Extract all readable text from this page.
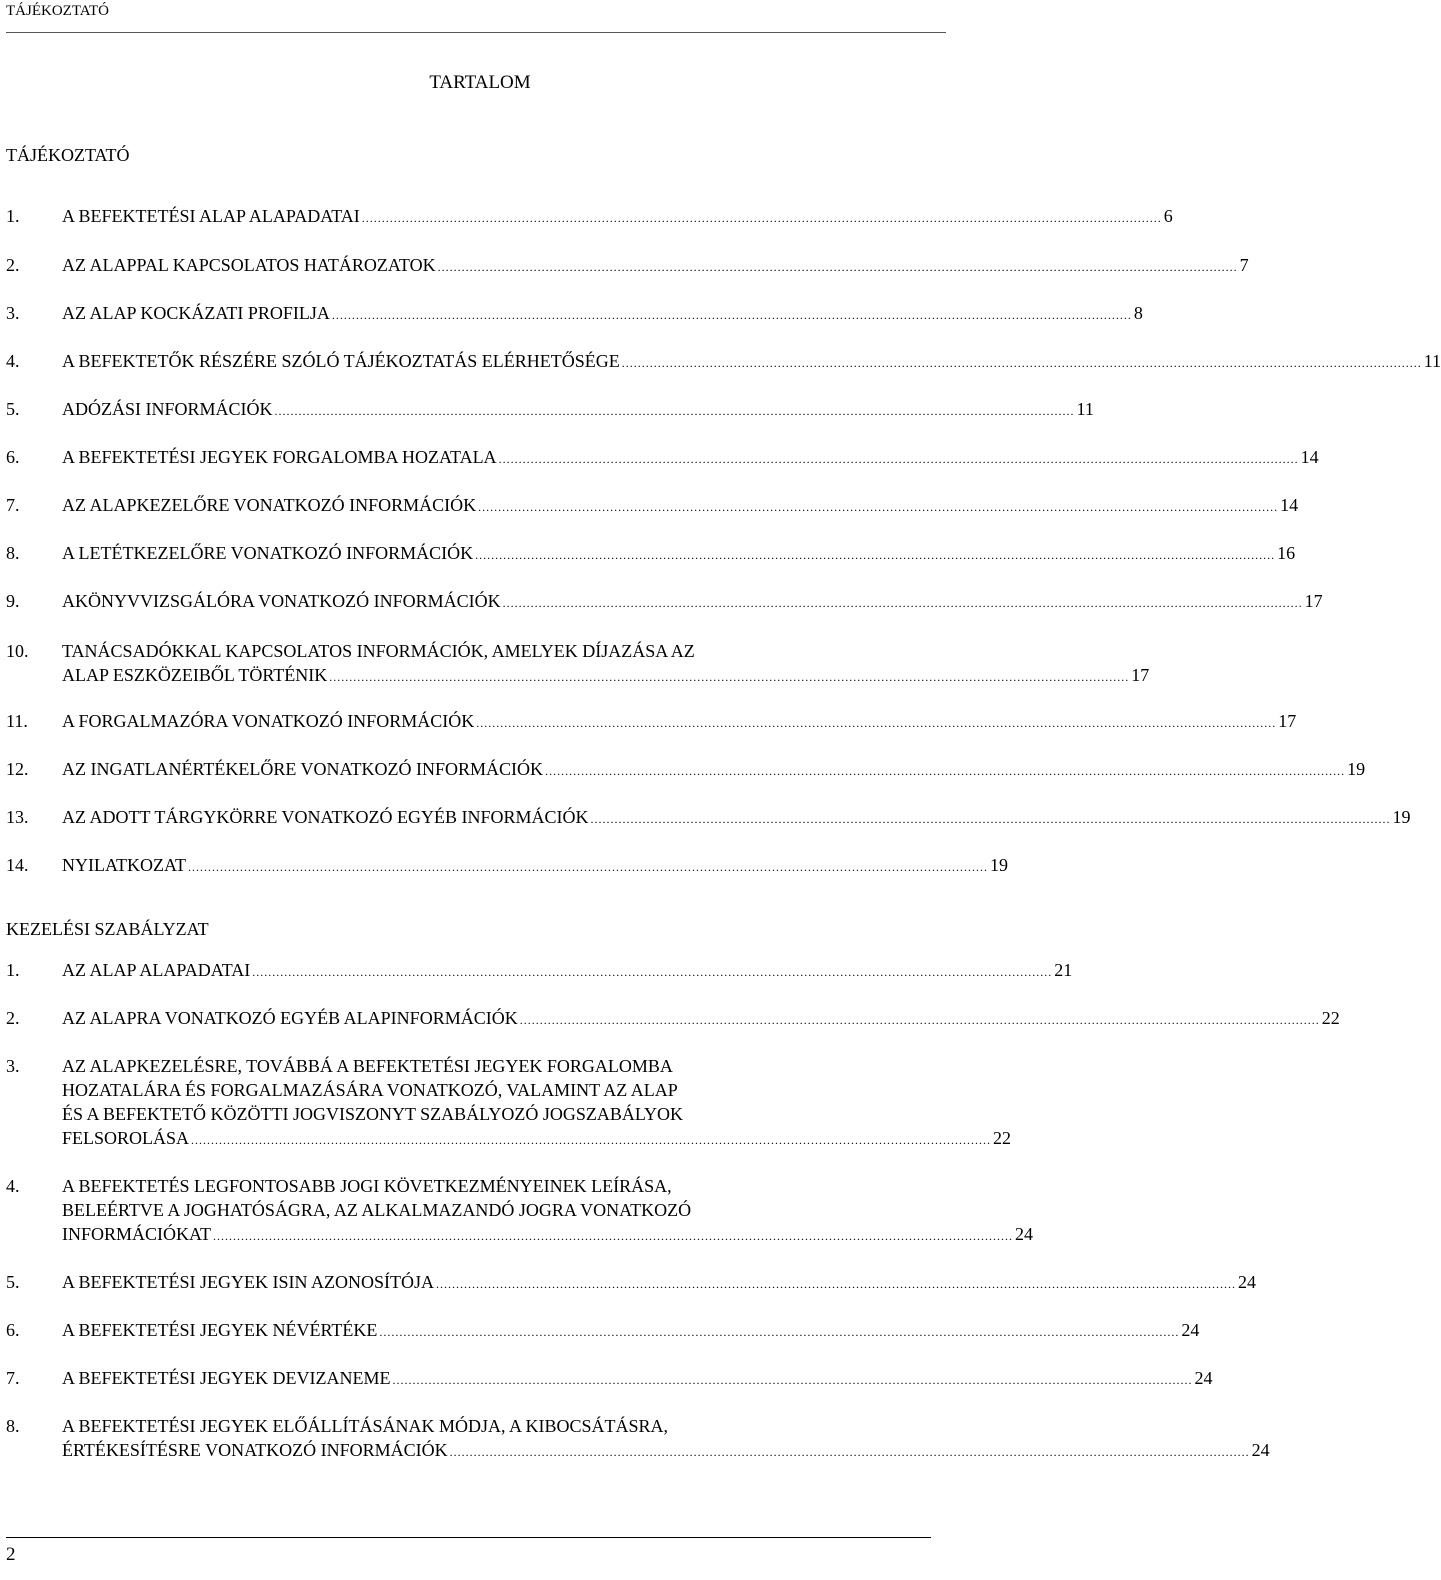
TÁJÉKOZTATÓ
TARTALOM
TÁJÉKOZTATÓ
KEZELÉSI SZABÁLYZAT
1. A BEFEKTETÉSI ALAP ALAPADATAI ........................................................................................................................................................................................................ 6
2. AZ ALAPPAL KAPCSOLATOS HATÁROZATOK ........................................................................................................................................................................................................ 7
3. AZ ALAP KOCKÁZATI PROFILJA ........................................................................................................................................................................................................ 8
4. A BEFEKTETŐK RÉSZÉRE SZÓLÓ TÁJÉKOZTATÁS ELÉRHETŐSÉGE ........................................................................................................................................................................................................ 11
5. ADÓZÁSI INFORMÁCIÓK ........................................................................................................................................................................................................ 11
6. A BEFEKTETÉSI JEGYEK FORGALOMBA HOZATALA ........................................................................................................................................................................................................ 14
7. AZ ALAPKEZELŐRE VONATKOZÓ INFORMÁCIÓK ........................................................................................................................................................................................................ 14
8. A LETÉTKEZELŐRE VONATKOZÓ INFORMÁCIÓK ........................................................................................................................................................................................................ 16
9. AKÖNYVVIZSGÁLÓRA VONATKOZÓ INFORMÁCIÓK ........................................................................................................................................................................................................ 17
10. TANÁCSADÓKKAL KAPCSOLATOS INFORMÁCIÓK, AMELYEK DÍJAZÁSA AZ
ALAP ESZKÖZEIBŐL TÖRTÉNIK ........................................................................................................................................................................................................ 17
11. A FORGALMAZÓRA VONATKOZÓ INFORMÁCIÓK ........................................................................................................................................................................................................ 17
12. AZ INGATLANÉRTÉKELŐRE VONATKOZÓ INFORMÁCIÓK ........................................................................................................................................................................................................ 19
13. AZ ADOTT TÁRGYKÖRRE VONATKOZÓ EGYÉB INFORMÁCIÓK ........................................................................................................................................................................................................ 19
14. NYILATKOZAT ........................................................................................................................................................................................................ 19
1. AZ ALAP ALAPADATAI ........................................................................................................................................................................................................ 21
2. AZ ALAPRA VONATKOZÓ EGYÉB ALAPINFORMÁCIÓK ........................................................................................................................................................................................................ 22
3. AZ ALAPKEZELÉSRE, TOVÁBBÁ A BEFEKTETÉSI JEGYEK FORGALOMBA
HOZATALÁRA ÉS FORGALMAZÁSÁRA VONATKOZÓ, VALAMINT AZ ALAP
ÉS A BEFEKTETŐ KÖZÖTTI JOGVISZONYT SZABÁLYOZÓ JOGSZABÁLYOK
FELSOROLÁSA ........................................................................................................................................................................................................ 22
4. A BEFEKTETÉS LEGFONTOSABB JOGI KÖVETKEZMÉNYEINEK LEÍRÁSA,
BELEÉRTVE A JOGHATÓSÁGRA, AZ ALKALMAZANDÓ JOGRA VONATKOZÓ
INFORMÁCIÓKAT ........................................................................................................................................................................................................ 24
5. A BEFEKTETÉSI JEGYEK ISIN AZONOSÍTÓJA ........................................................................................................................................................................................................ 24
6. A BEFEKTETÉSI JEGYEK NÉVÉRTÉKE ........................................................................................................................................................................................................ 24
7. A BEFEKTETÉSI JEGYEK DEVIZANEME ........................................................................................................................................................................................................ 24
8. A BEFEKTETÉSI JEGYEK ELŐÁLLÍTÁSÁNAK MÓDJA, A KIBOCSÁTÁSRA,
ÉRTÉKESÍTÉSRE VONATKOZÓ INFORMÁCIÓK ........................................................................................................................................................................................................ 24
2
